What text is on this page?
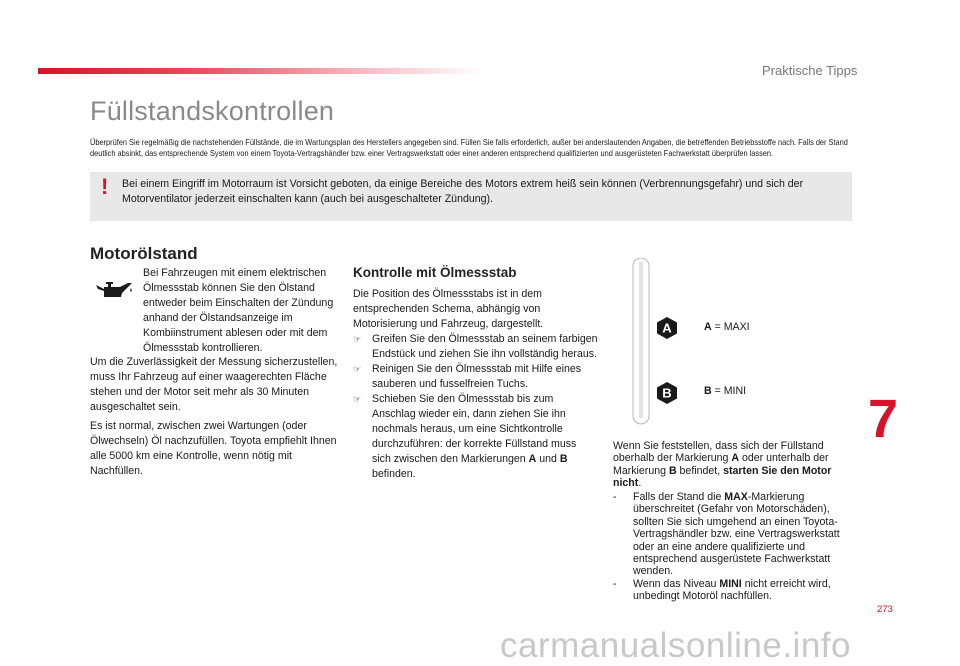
Praktische Tipps
Füllstandskontrollen
Überprüfen Sie regelmäßig die nachstehenden Füllstände, die im Wartungsplan des Herstellers angegeben sind. Füllen Sie falls erforderlich, außer bei anderslautenden Angaben, die betreffenden Betriebsstoffe nach. Falls der Stand deutlich absinkt, das entsprechende System von einem Toyota-Vertragshändler bzw. einer Vertragswerkstatt oder einer anderen entsprechend qualifizierten und ausgerüsteten Fachwerkstatt überprüfen lassen.
! Bei einem Eingriff im Motorraum ist Vorsicht geboten, da einige Bereiche des Motors extrem heiß sein können (Verbrennungsgefahr) und sich der Motorventilator jederzeit einschalten kann (auch bei ausgeschalteter Zündung).
Motorölstand
Bei Fahrzeugen mit einem elektrischen Ölmessstab können Sie den Ölstand entweder beim Einschalten der Zündung anhand der Ölstandsanzeige im Kombiinstrument ablesen oder mit dem Ölmessstab kontrollieren.
Um die Zuverlässigkeit der Messung sicherzustellen, muss Ihr Fahrzeug auf einer waagerechten Fläche stehen und der Motor seit mehr als 30 Minuten ausgeschaltet sein.
Es ist normal, zwischen zwei Wartungen (oder Ölwechseln) Öl nachzufüllen. Toyota empfiehlt Ihnen alle 5000 km eine Kontrolle, wenn nötig mit Nachfüllen.
Kontrolle mit Ölmessstab
Die Position des Ölmessstabs ist in dem entsprechenden Schema, abhängig von Motorisierung und Fahrzeug, dargestellt.
☞ Greifen Sie den Ölmessstab an seinem farbigen Endstück und ziehen Sie ihn vollständig heraus.
☞ Reinigen Sie den Ölmessstab mit Hilfe eines sauberen und fusselfreien Tuchs.
☞ Schieben Sie den Ölmessstab bis zum Anschlag wieder ein, dann ziehen Sie ihn nochmals heraus, um eine Sichtkontrolle durchzuführen: der korrekte Füllstand muss sich zwischen den Markierungen A und B befinden.
A
B
A = MAXI
B = MINI 7
Wenn Sie feststellen, dass sich der Füllstand oberhalb der Markierung A oder unterhalb der Markierung B befindet, starten Sie den Motor nicht.
- Falls der Stand die MAX-Markierung überschreitet (Gefahr von Motorschäden), sollten Sie sich umgehend an einen Toyota-Vertragshändler bzw. eine Vertragswerkstatt oder an eine andere qualifizierte und entsprechend ausgerüstete Fachwerkstatt wenden.
- Wenn das Niveau MINI nicht erreicht wird, unbedingt Motoröl nachfüllen.
273
carmanualsonline.info
